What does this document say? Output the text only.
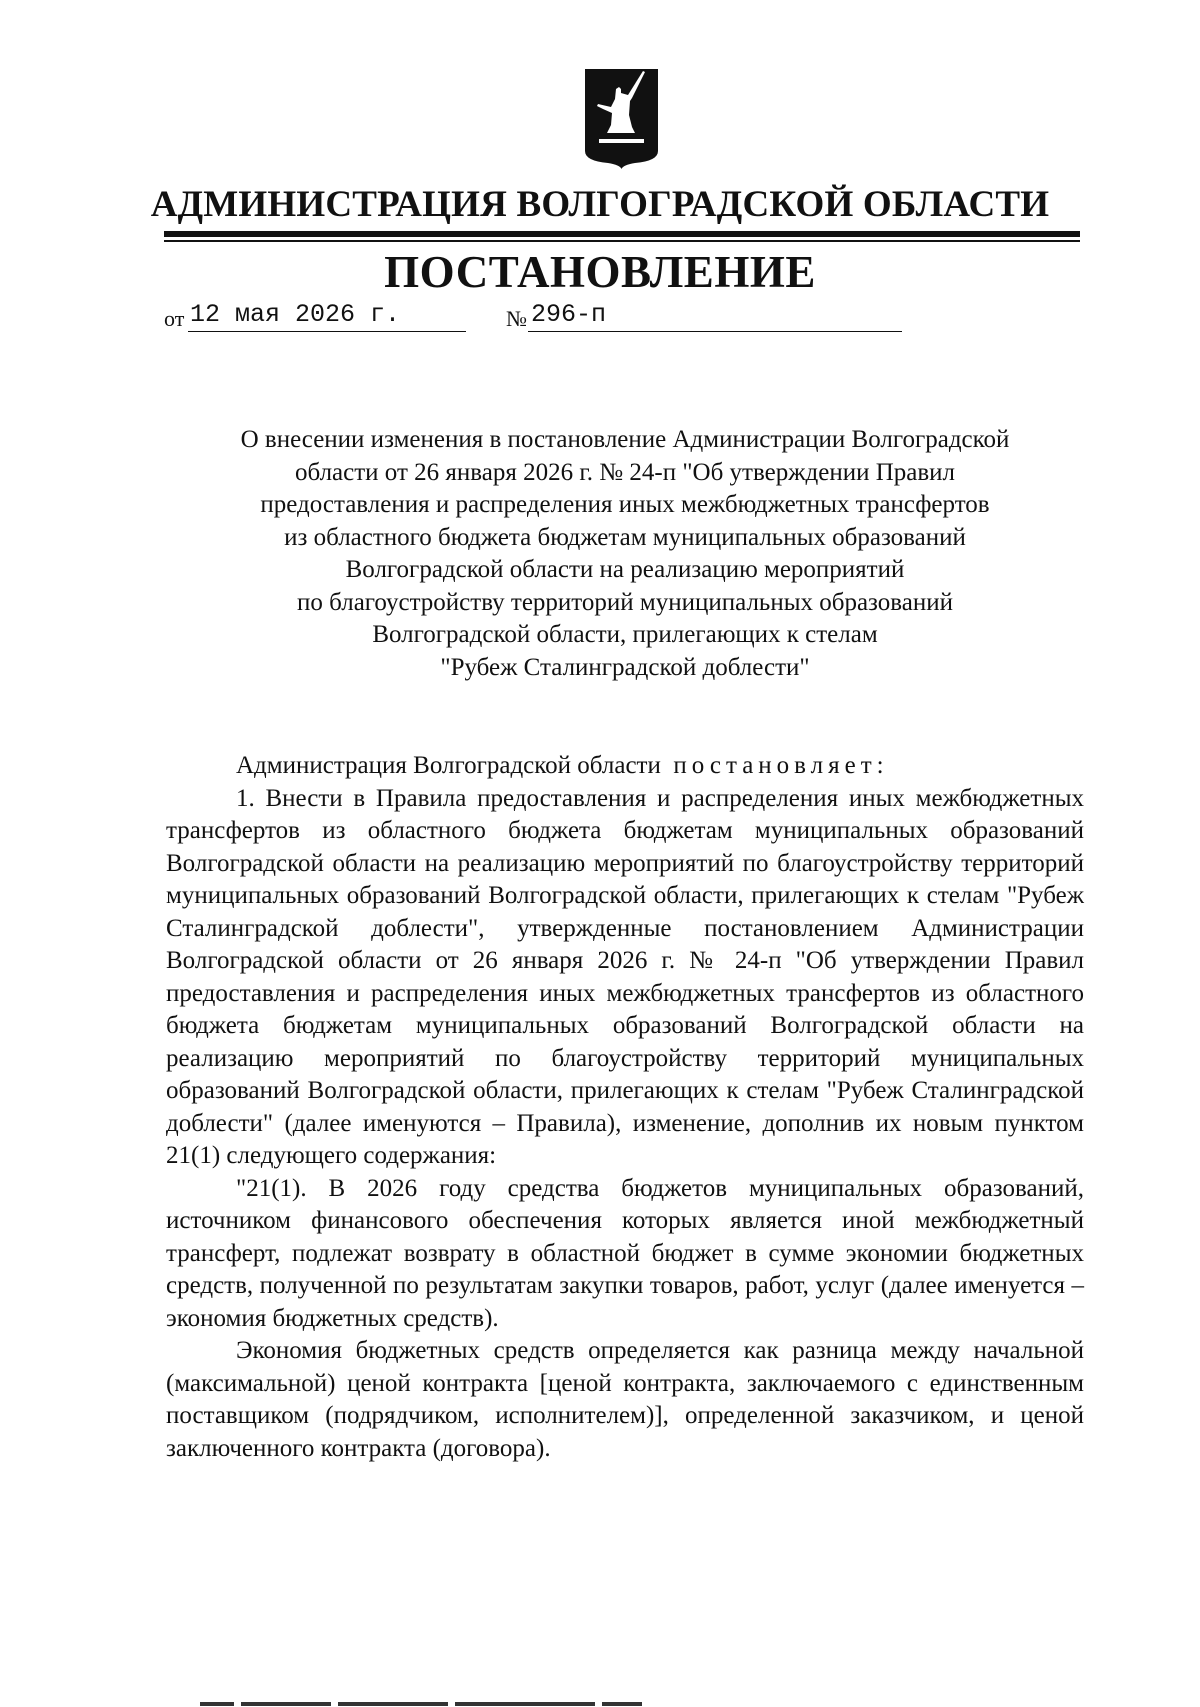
АДМИНИСТРАЦИЯ ВОЛГОГРАДСКОЙ ОБЛАСТИ
ПОСТАНОВЛЕНИЕ
от 12 мая 2026 г.	№ 296-п
О внесении изменения в постановление Администрации Волгоградской
области от 26 января 2026 г. № 24-п "Об утверждении Правил
предоставления и распределения иных межбюджетных трансфертов
из областного бюджета бюджетам муниципальных образований
Волгоградской области на реализацию мероприятий
по благоустройству территорий муниципальных образований
Волгоградской области, прилегающих к стелам
"Рубеж Сталинградской доблести"

Администрация Волгоградской области постановляет:

1. Внести в Правила предоставления и распределения иных межбюджетных трансфертов из областного бюджета бюджетам муниципальных образований Волгоградской области на реализацию мероприятий по благоустройству территорий муниципальных образований Волгоградской области, прилегающих к стелам "Рубеж Сталинградской доблести", утвержденные постановлением Администрации Волгоградской области от 26 января 2026 г. № 24-п "Об утверждении Правил предоставления и распределения иных межбюджетных трансфертов из областного бюджета бюджетам муниципальных образований Волгоградской области на реализацию мероприятий по благоустройству территорий муниципальных образований Волгоградской области, прилегающих к стелам "Рубеж Сталинградской доблести" (далее именуются – Правила), изменение, дополнив их новым пунктом 21(1) следующего содержания:

"21(1). В 2026 году средства бюджетов муниципальных образований, источником финансового обеспечения которых является иной межбюджетный трансферт, подлежат возврату в областной бюджет в сумме экономии бюджетных средств, полученной по результатам закупки товаров, работ, услуг (далее именуется – экономия бюджетных средств).

Экономия бюджетных средств определяется как разница между начальной (максимальной) ценой контракта [ценой контракта, заключаемого с единственным поставщиком (подрядчиком, исполнителем)], определенной заказчиком, и ценой заключенного контракта (договора).
